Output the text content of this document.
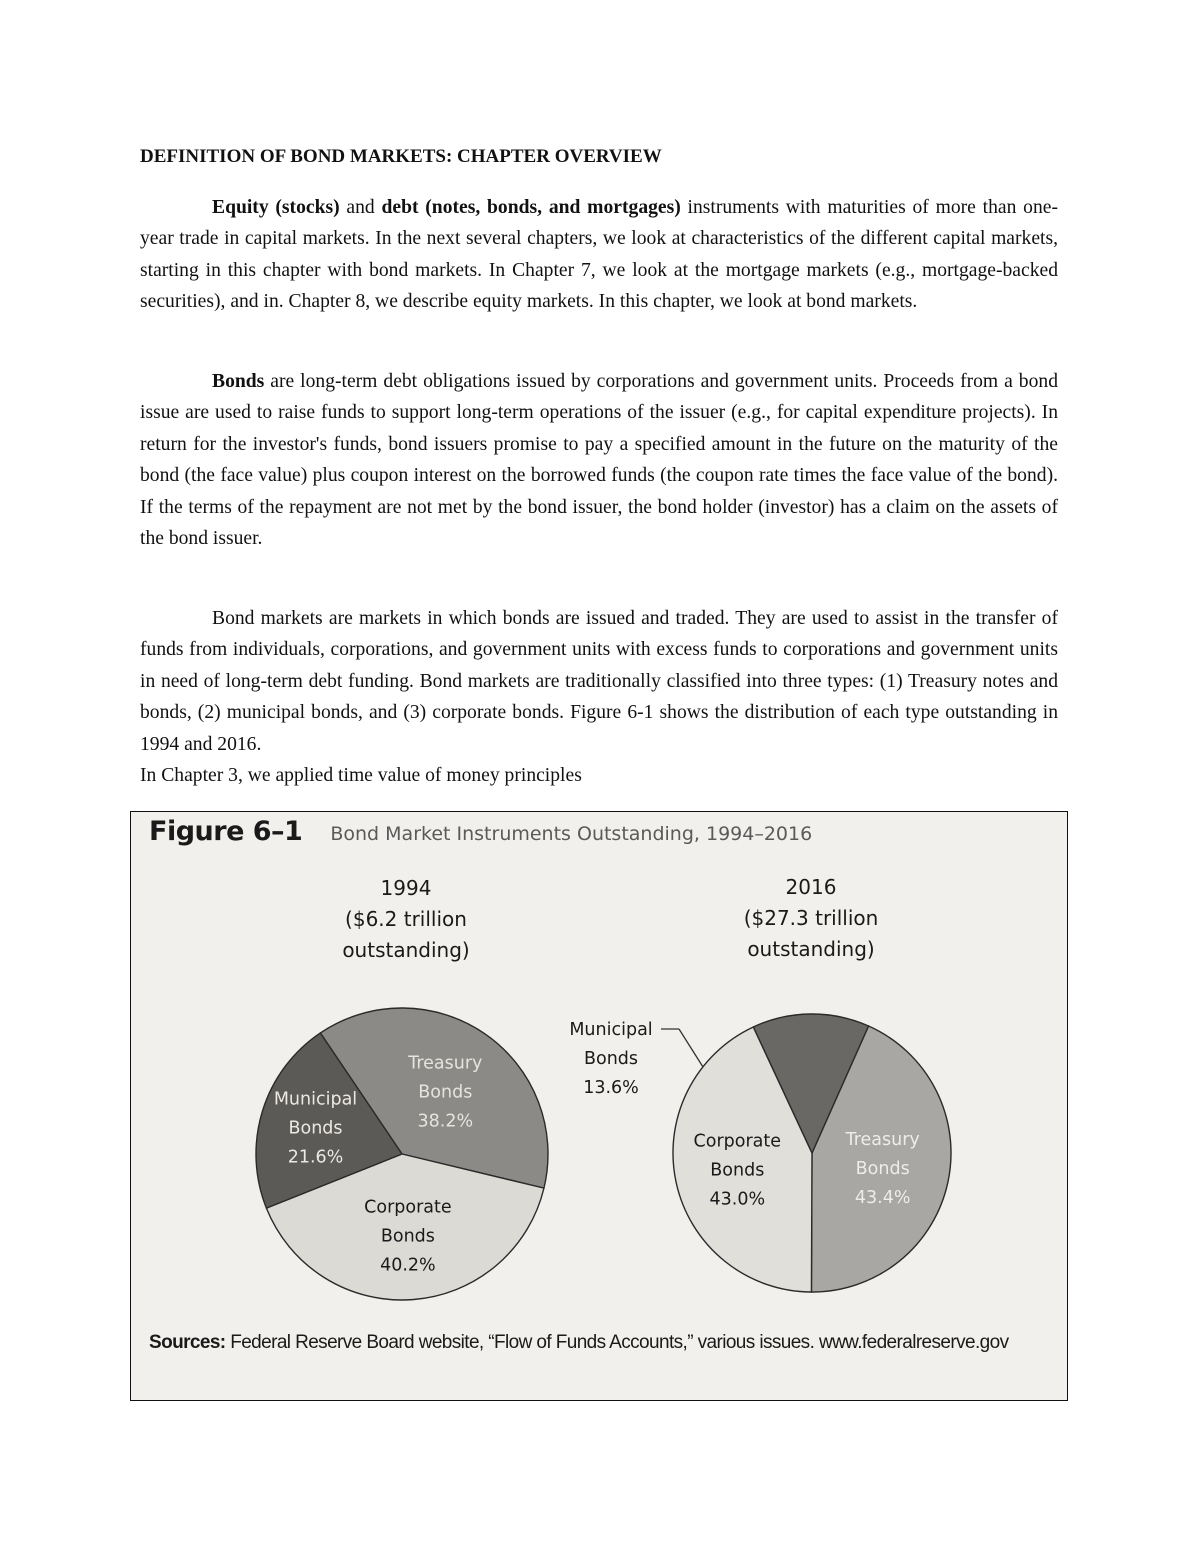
DEFINITION OF BOND MARKETS: CHAPTER OVERVIEW

Equity (stocks) and debt (notes, bonds, and mortgages) instruments with maturities of more than one-year trade in capital markets. In the next several chapters, we look at characteristics of the different capital markets, starting in this chapter with bond markets. In Chapter 7, we look at the mortgage markets (e.g., mortgage-backed securities), and in. Chapter 8, we describe equity markets. In this chapter, we look at bond markets.

Bonds are long-term debt obligations issued by corporations and government units. Proceeds from a bond issue are used to raise funds to support long-term operations of the issuer (e.g., for capital expenditure projects). In return for the investor's funds, bond issuers promise to pay a specified amount in the future on the maturity of the bond (the face value) plus coupon interest on the borrowed funds (the coupon rate times the face value of the bond). If the terms of the repayment are not met by the bond issuer, the bond holder (investor) has a claim on the assets of the bond issuer.

Bond markets are markets in which bonds are issued and traded. They are used to assist in the transfer of funds from individuals, corporations, and government units with excess funds to corporations and government units in need of long-term debt funding. Bond markets are traditionally classified into three types: (1) Treasury notes and bonds, (2) municipal bonds, and (3) corporate bonds. Figure 6-1 shows the distribution of each type outstanding in 1994 and 2016.
In Chapter 3, we applied time value of money principles

Figure 6–1 Bond Market Instruments Outstanding, 1994–2016
1994
($6.2 trillion
outstanding)
2016
($27.3 trillion
outstanding)
Treasury
Bonds
38.2%
Corporate
Bonds
40.2%
Municipal
Bonds
21.6%
Treasury
Bonds
43.4%
Corporate
Bonds
43.0%
Municipal
Bonds
13.6%
Sources: Federal Reserve Board website, “Flow of Funds Accounts,” various issues. www.federalreserve.gov
